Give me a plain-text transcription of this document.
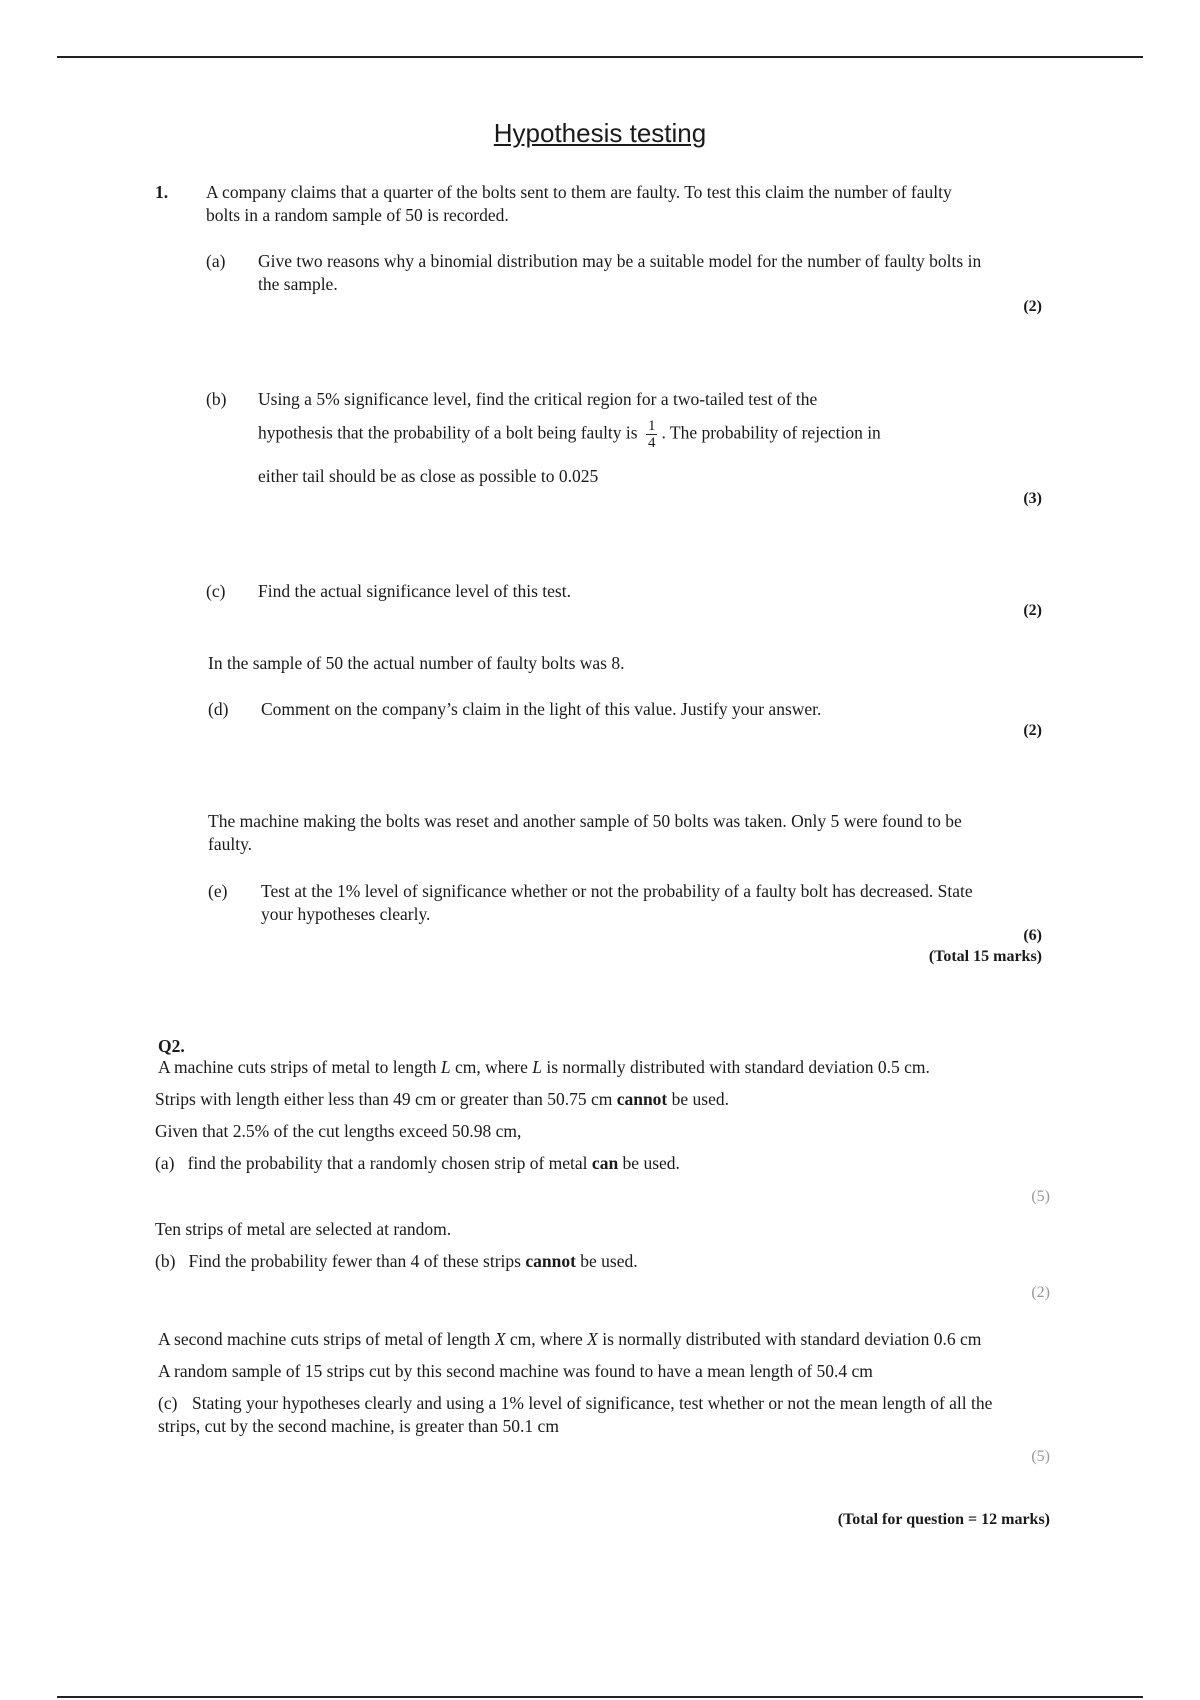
Hypothesis testing
1. A company claims that a quarter of the bolts sent to them are faulty. To test this claim the number of faulty bolts in a random sample of 50 is recorded.
(a) Give two reasons why a binomial distribution may be a suitable model for the number of faulty bolts in the sample.
(2)
(b) Using a 5% significance level, find the critical region for a two-tailed test of the
hypothesis that the probability of a bolt being faulty is $\frac{1}{4}$ . The probability of rejection in
either tail should be as close as possible to 0.025
(3)
(c) Find the actual significance level of this test.
(2)
In the sample of 50 the actual number of faulty bolts was 8.
(d) Comment on the company’s claim in the light of this value. Justify your answer.
(2)
The machine making the bolts was reset and another sample of 50 bolts was taken. Only 5 were found to be faulty.
(e) Test at the 1% level of significance whether or not the probability of a faulty bolt has decreased. State your hypotheses clearly.
(6)
(Total 15 marks)
Q2.
A machine cuts strips of metal to length L cm, where L is normally distributed with standard deviation 0.5 cm.
Strips with length either less than 49 cm or greater than 50.75 cm cannot be used.
Given that 2.5% of the cut lengths exceed 50.98 cm,
(a) find the probability that a randomly chosen strip of metal can be used.
(5)
Ten strips of metal are selected at random.
(b) Find the probability fewer than 4 of these strips cannot be used.
(2)
A second machine cuts strips of metal of length X cm, where X is normally distributed with standard deviation 0.6 cm
A random sample of 15 strips cut by this second machine was found to have a mean length of 50.4 cm
(c) Stating your hypotheses clearly and using a 1% level of significance, test whether or not the mean length of all the strips, cut by the second machine, is greater than 50.1 cm
(5)
(Total for question = 12 marks)
